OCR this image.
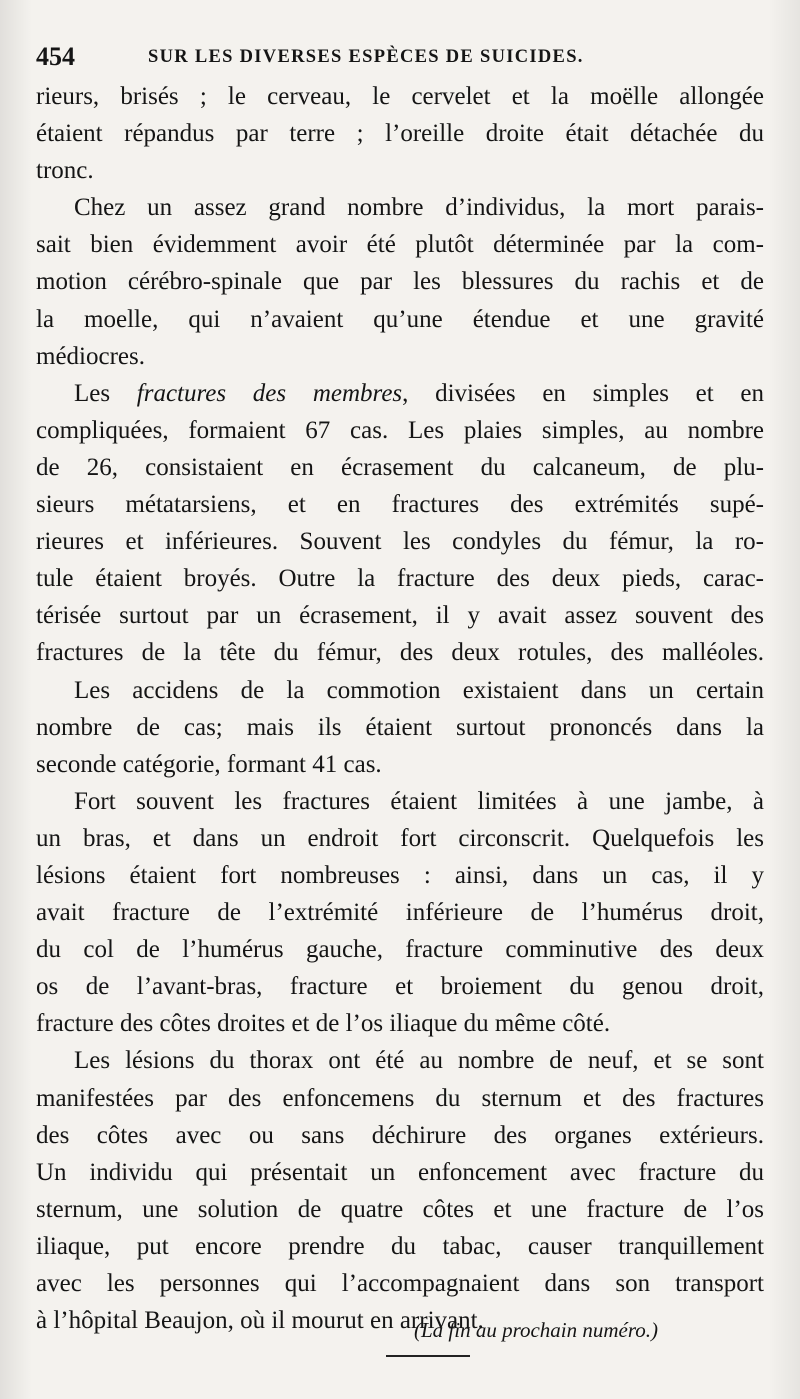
454	SUR LES DIVERSES ESPÈCES DE SUICIDES.
rieurs, brisés ; le cerveau, le cervelet et la moëlle allongée
étaient répandus par terre ; l’oreille droite était détachée du
tronc.
Chez un assez grand nombre d’individus, la mort parais-
sait bien évidemment avoir été plutôt déterminée par la com-
motion cérébro-spinale que par les blessures du rachis et de
la moelle, qui n’avaient qu’une étendue et une gravité
médiocres.
Les fractures des membres, divisées en simples et en
compliquées, formaient 67 cas. Les plaies simples, au nombre
de 26, consistaient en écrasement du calcaneum, de plu-
sieurs métatarsiens, et en fractures des extrémités supé-
rieures et inférieures. Souvent les condyles du fémur, la ro-
tule étaient broyés. Outre la fracture des deux pieds, carac-
térisée surtout par un écrasement, il y avait assez souvent des
fractures de la tête du fémur, des deux rotules, des malléoles.
Les accidens de la commotion existaient dans un certain
nombre de cas; mais ils étaient surtout prononcés dans la
seconde catégorie, formant 41 cas.
Fort souvent les fractures étaient limitées à une jambe, à
un bras, et dans un endroit fort circonscrit. Quelquefois les
lésions étaient fort nombreuses : ainsi, dans un cas, il y
avait fracture de l’extrémité inférieure de l’humérus droit,
du col de l’humérus gauche, fracture comminutive des deux
os de l’avant-bras, fracture et broiement du genou droit,
fracture des côtes droites et de l’os iliaque du même côté.
Les lésions du thorax ont été au nombre de neuf, et se sont
manifestées par des enfoncemens du sternum et des fractures
des côtes avec ou sans déchirure des organes extérieurs.
Un individu qui présentait un enfoncement avec fracture du
sternum, une solution de quatre côtes et une fracture de l’os
iliaque, put encore prendre du tabac, causer tranquillement
avec les personnes qui l’accompagnaient dans son transport
à l’hôpital Beaujon, où il mourut en arrivant.
(La fin au prochain numéro.)
